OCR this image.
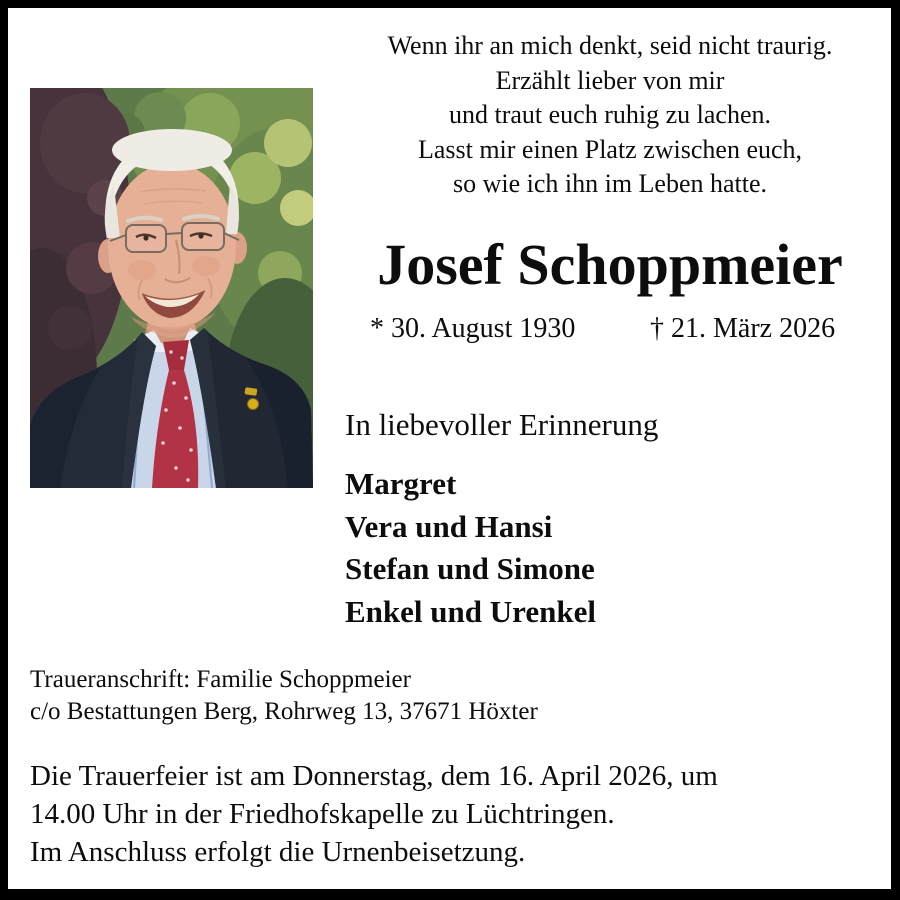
Wenn ihr an mich denkt, seid nicht traurig.
Erzählt lieber von mir
und traut euch ruhig zu lachen.
Lasst mir einen Platz zwischen euch,
so wie ich ihn im Leben hatte.
Josef Schoppmeier
* 30. August 1930	† 21. März 2026
In liebevoller Erinnerung
Margret
Vera und Hansi
Stefan und Simone
Enkel und Urenkel
Traueranschrift: Familie Schoppmeier
c/o Bestattungen Berg, Rohrweg 13, 37671 Höxter
Die Trauerfeier ist am Donnerstag, dem 16. April 2026, um
14.00 Uhr in der Friedhofskapelle zu Lüchtringen.
Im Anschluss erfolgt die Urnenbeisetzung.
